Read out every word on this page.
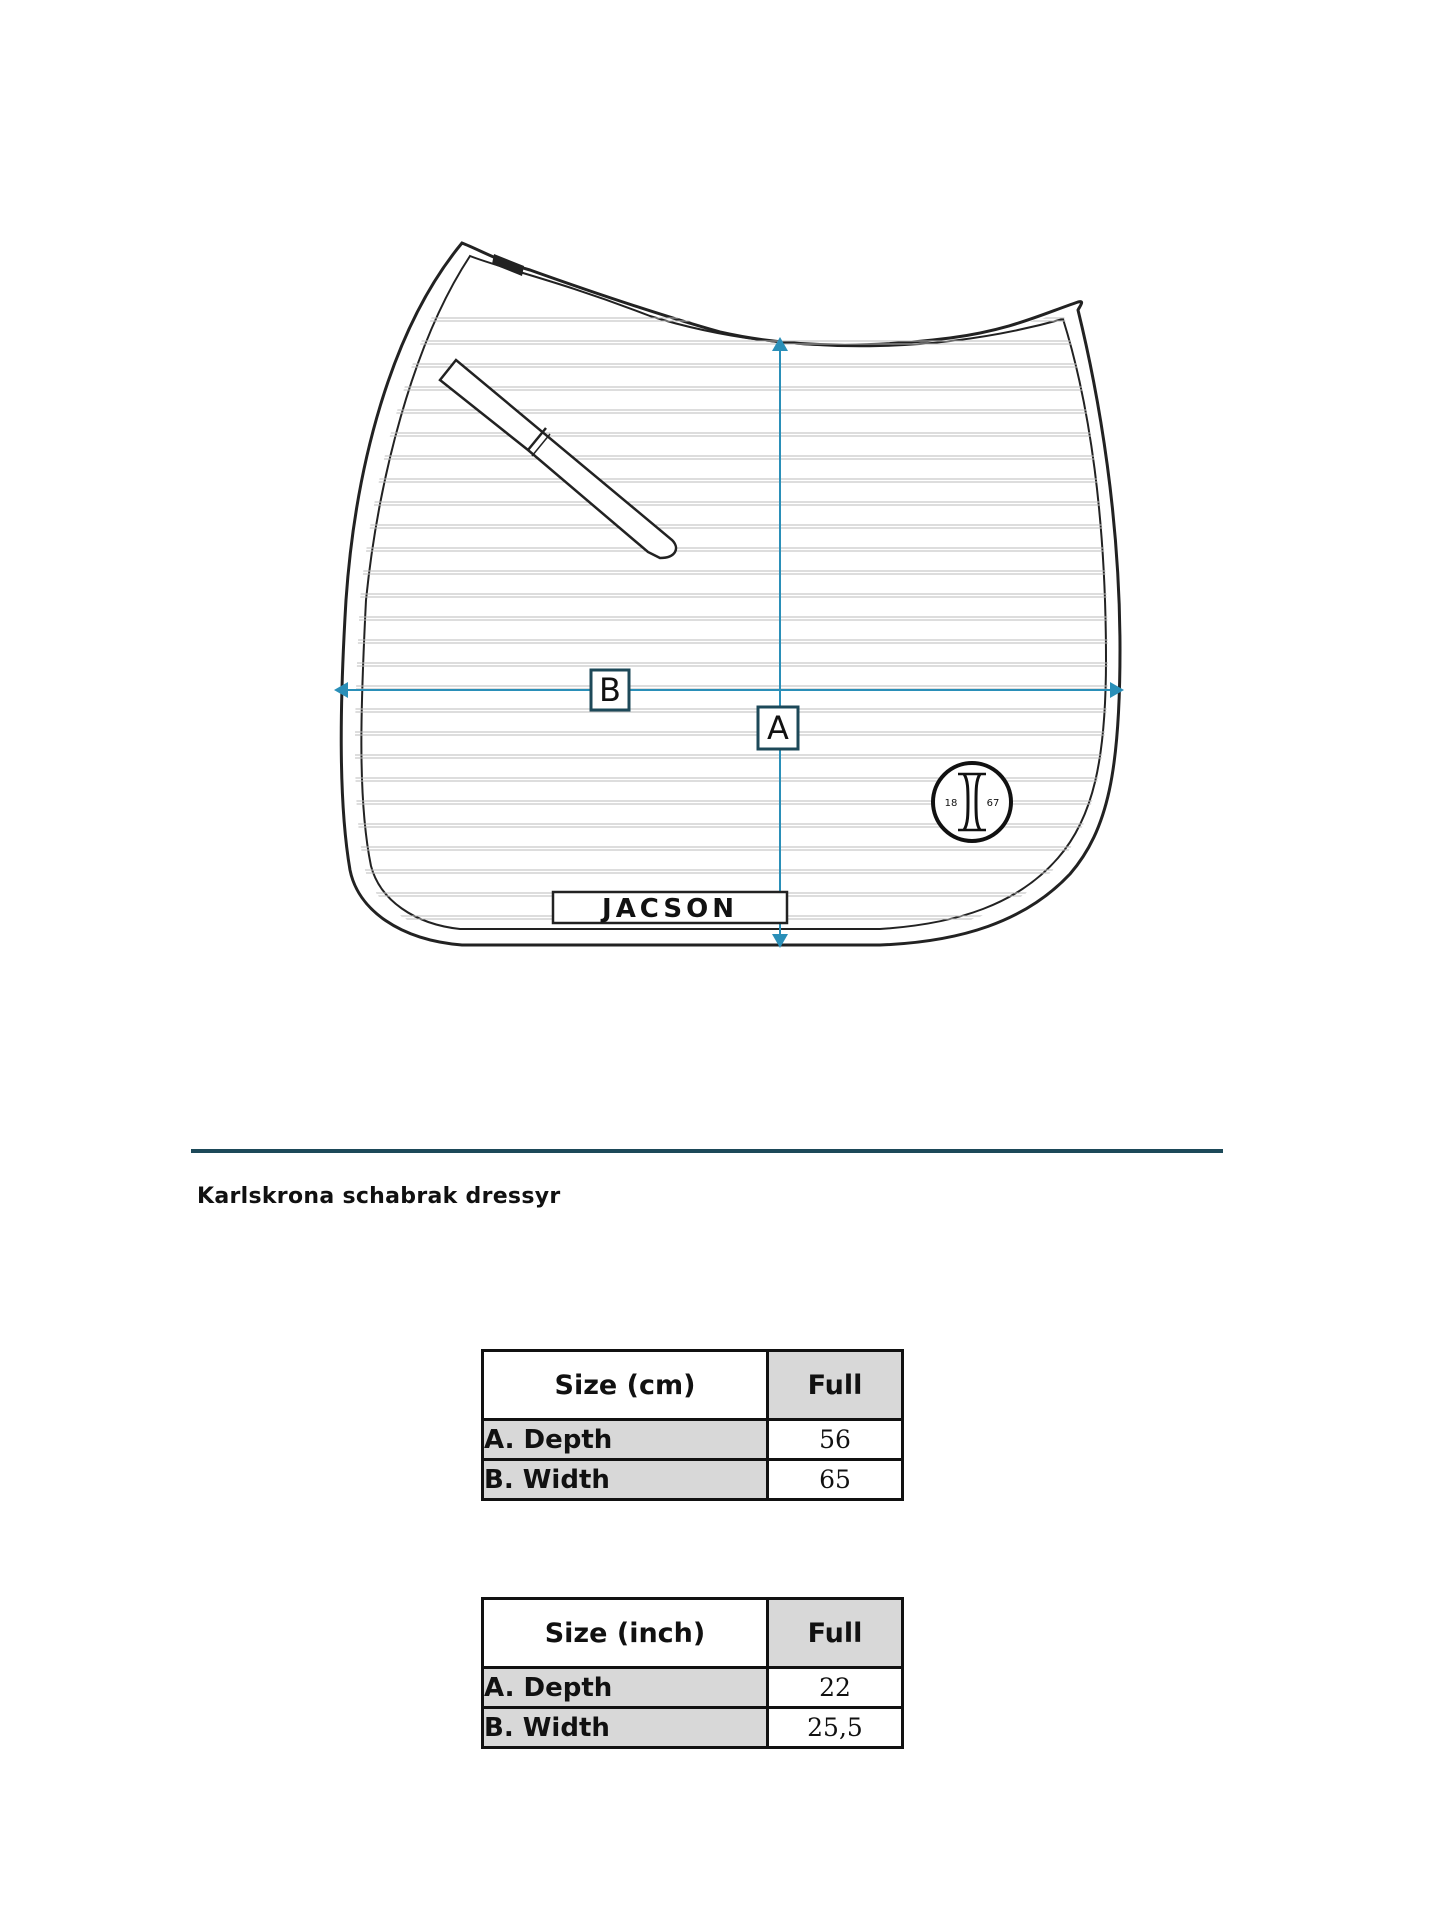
B
A
18	67
JACSON
Karlskrona schabrak dressyr
Size (cm)	Full
A. Depth	56
B. Width	65
Size (inch)	Full
A. Depth	22
B. Width	25,5
